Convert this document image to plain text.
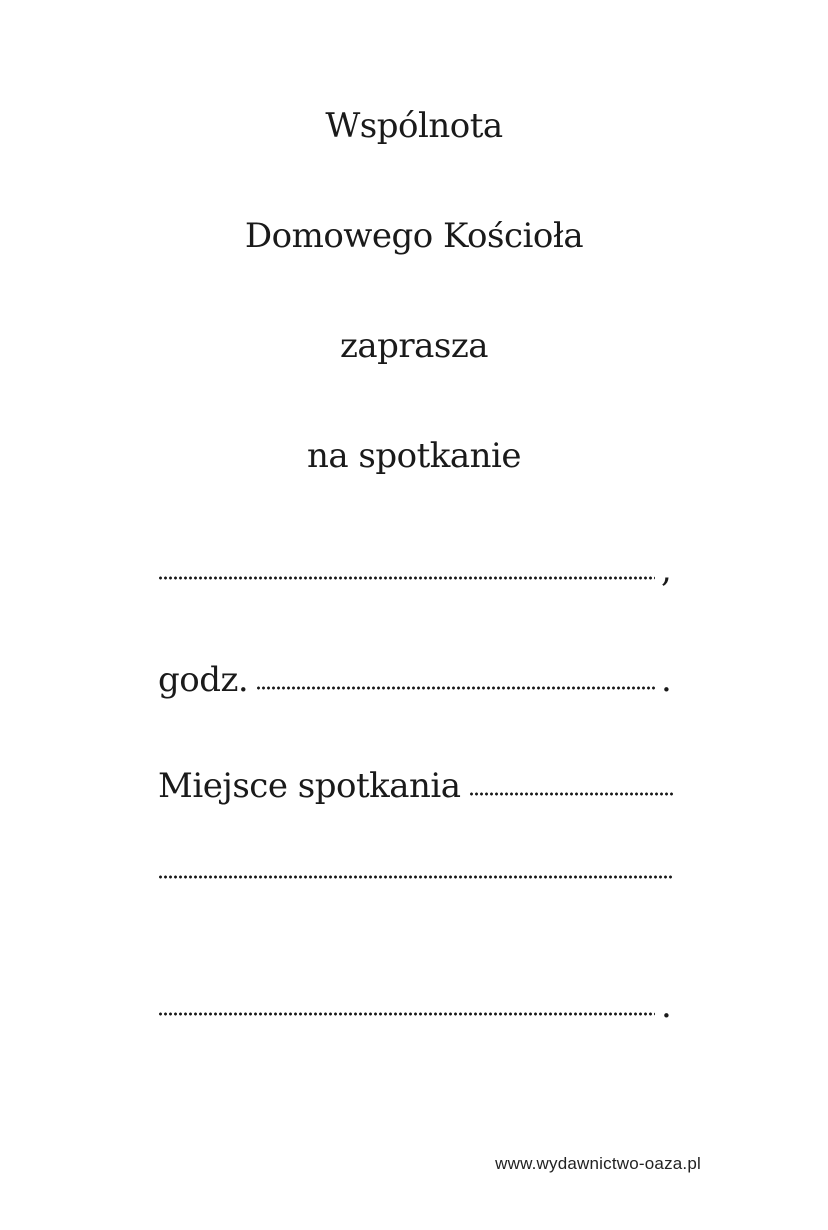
Wspólnota
Domowego Kościoła
zaprasza
na spotkanie
,
godz.	.
Miejsce spotkania
.
www.wydawnictwo-oaza.pl
